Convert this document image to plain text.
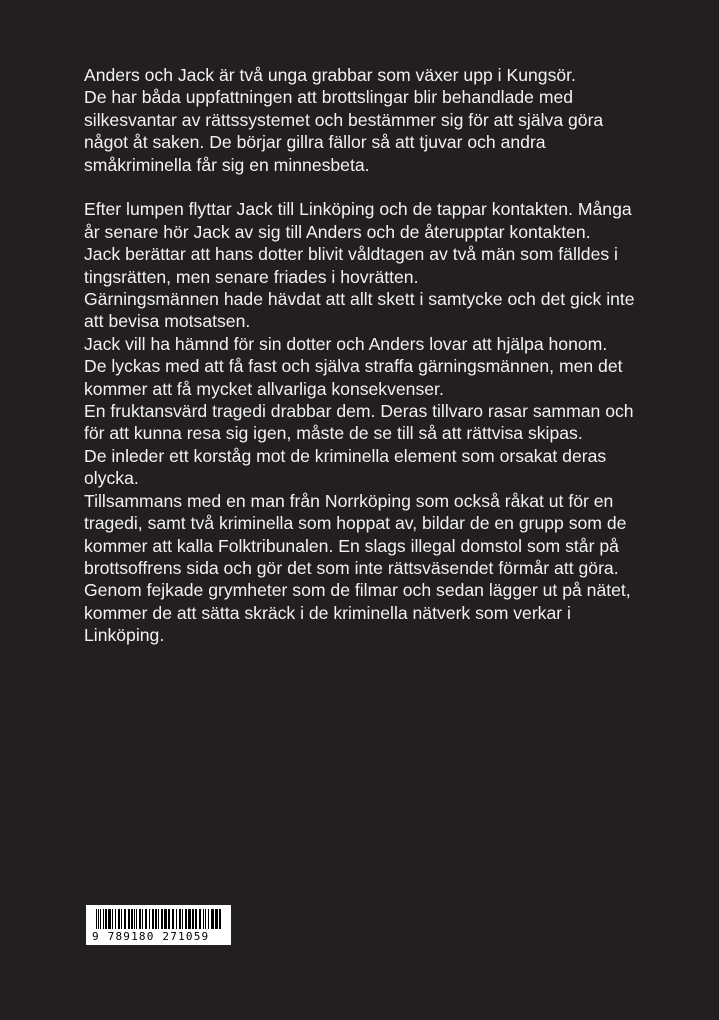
Anders och Jack är två unga grabbar som växer upp i Kungsör.
De har båda uppfattningen att brottslingar blir behandlade med silkesvantar av rättssystemet och bestämmer sig för att själva göra något åt saken. De börjar gillra fällor så att tjuvar och andra småkriminella får sig en minnesbeta.

Efter lumpen flyttar Jack till Linköping och de tappar kontakten. Många år senare hör Jack av sig till Anders och de återupptar kontakten.
Jack berättar att hans dotter blivit våldtagen av två män som fälldes i tingsrätten, men senare friades i hovrätten.
Gärningsmännen hade hävdat att allt skett i samtycke och det gick inte att bevisa motsatsen.
Jack vill ha hämnd för sin dotter och Anders lovar att hjälpa honom.
De lyckas med att få fast och själva straffa gärningsmännen, men det kommer att få mycket allvarliga konsekvenser.
En fruktansvärd tragedi drabbar dem. Deras tillvaro rasar samman och för att kunna resa sig igen, måste de se till så att rättvisa skipas.
De inleder ett korståg mot de kriminella element som orsakat deras olycka.
Tillsammans med en man från Norrköping som också råkat ut för en tragedi, samt två kriminella som hoppat av, bildar de en grupp som de kommer att kalla Folktribunalen. En slags illegal domstol som står på brottsoffrens sida och gör det som inte rättsväsendet förmår att göra.
Genom fejkade grymheter som de filmar och sedan lägger ut på nätet, kommer de att sätta skräck i de kriminella nätverk som verkar i Linköping.

9 789180 271059
